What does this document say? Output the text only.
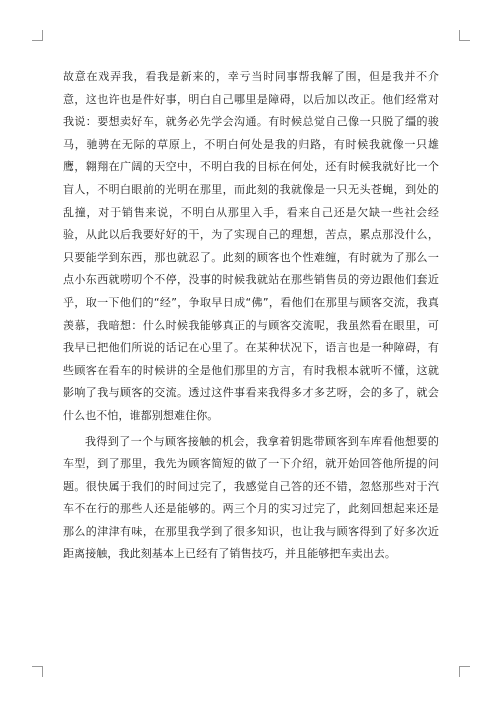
故意在戏弄我，看我是新来的，幸亏当时同事帮我解了围，但是我并不介意，这也许也是件好事，明白自己哪里是障碍，以后加以改正。他们经常对我说：要想卖好车，就务必先学会沟通。有时候总觉自己像一只脱了缰的骏马，驰骋在无际的草原上，不明白何处是我的归路，有时候我就像一只雄鹰，翱翔在广阔的天空中，不明白我的目标在何处，还有时候我就好比一个盲人，不明白眼前的光明在那里，而此刻的我就像是一只无头苍蝇，到处的乱撞，对于销售来说，不明白从那里入手，看来自己还是欠缺一些社会经验，从此以后我要好好的干，为了实现自己的理想，苦点，累点那没什么，只要能学到东西，那也就忍了。此刻的顾客也个性难缠，有时就为了那么一点小东西就唠叨个不停，没事的时候我就站在那些销售员的旁边跟他们套近乎，取一下他们的“经”，争取早日成“佛”，看他们在那里与顾客交流，我真羡慕，我暗想：什么时候我能够真正的与顾客交流呢，我虽然看在眼里，可我早已把他们所说的话记在心里了。在某种状况下，语言也是一种障碍，有些顾客在看车的时候讲的全是他们那里的方言，有时我根本就听不懂，这就影响了我与顾客的交流。透过这件事看来我得多才多艺呀，会的多了，就会什么也不怕，谁都别想难住你。

我得到了一个与顾客接触的机会，我拿着钥匙带顾客到车库看他想要的车型，到了那里，我先为顾客简短的做了一下介绍，就开始回答他所提的问题。很快属于我们的时间过完了，我感觉自己答的还不错，忽悠那些对于汽车不在行的那些人还是能够的。两三个月的实习过完了，此刻回想起来还是那么的津津有味，在那里我学到了很多知识，也让我与顾客得到了好多次近距离接触，我此刻基本上已经有了销售技巧，并且能够把车卖出去。
